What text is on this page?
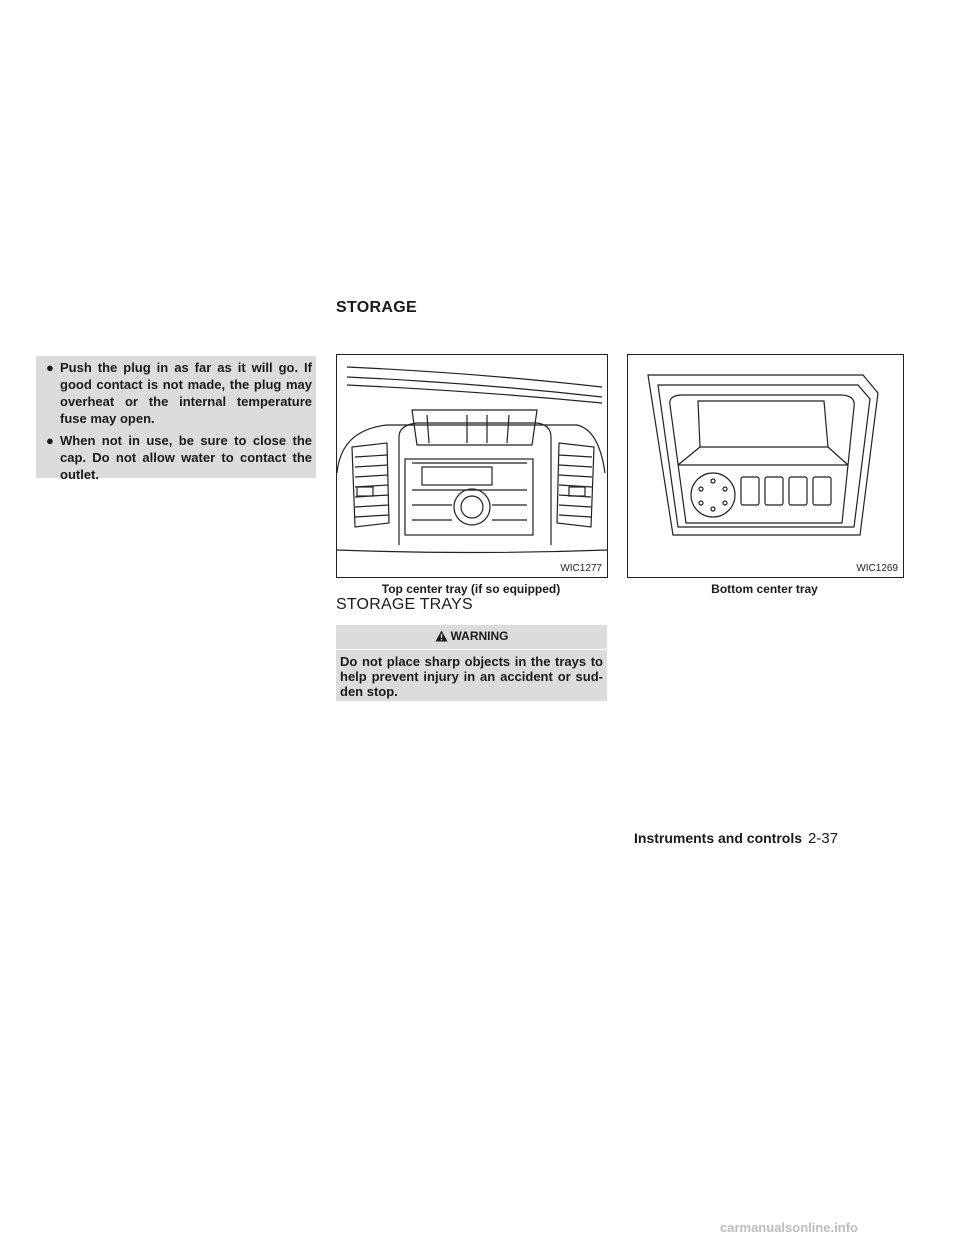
● Push the plug in as far as it will go. If good contact is not made, the plug may overheat or the internal temperature fuse may open.
● When not in use, be sure to close the cap. Do not allow water to contact the outlet.
STORAGE
WIC1277
Top center tray (if so equipped)
WIC1269
Bottom center tray
STORAGE TRAYS
WARNING
Do not place sharp objects in the trays to help prevent injury in an accident or sud-den stop.
Instruments and controls 2-37
carmanualsonline.info
